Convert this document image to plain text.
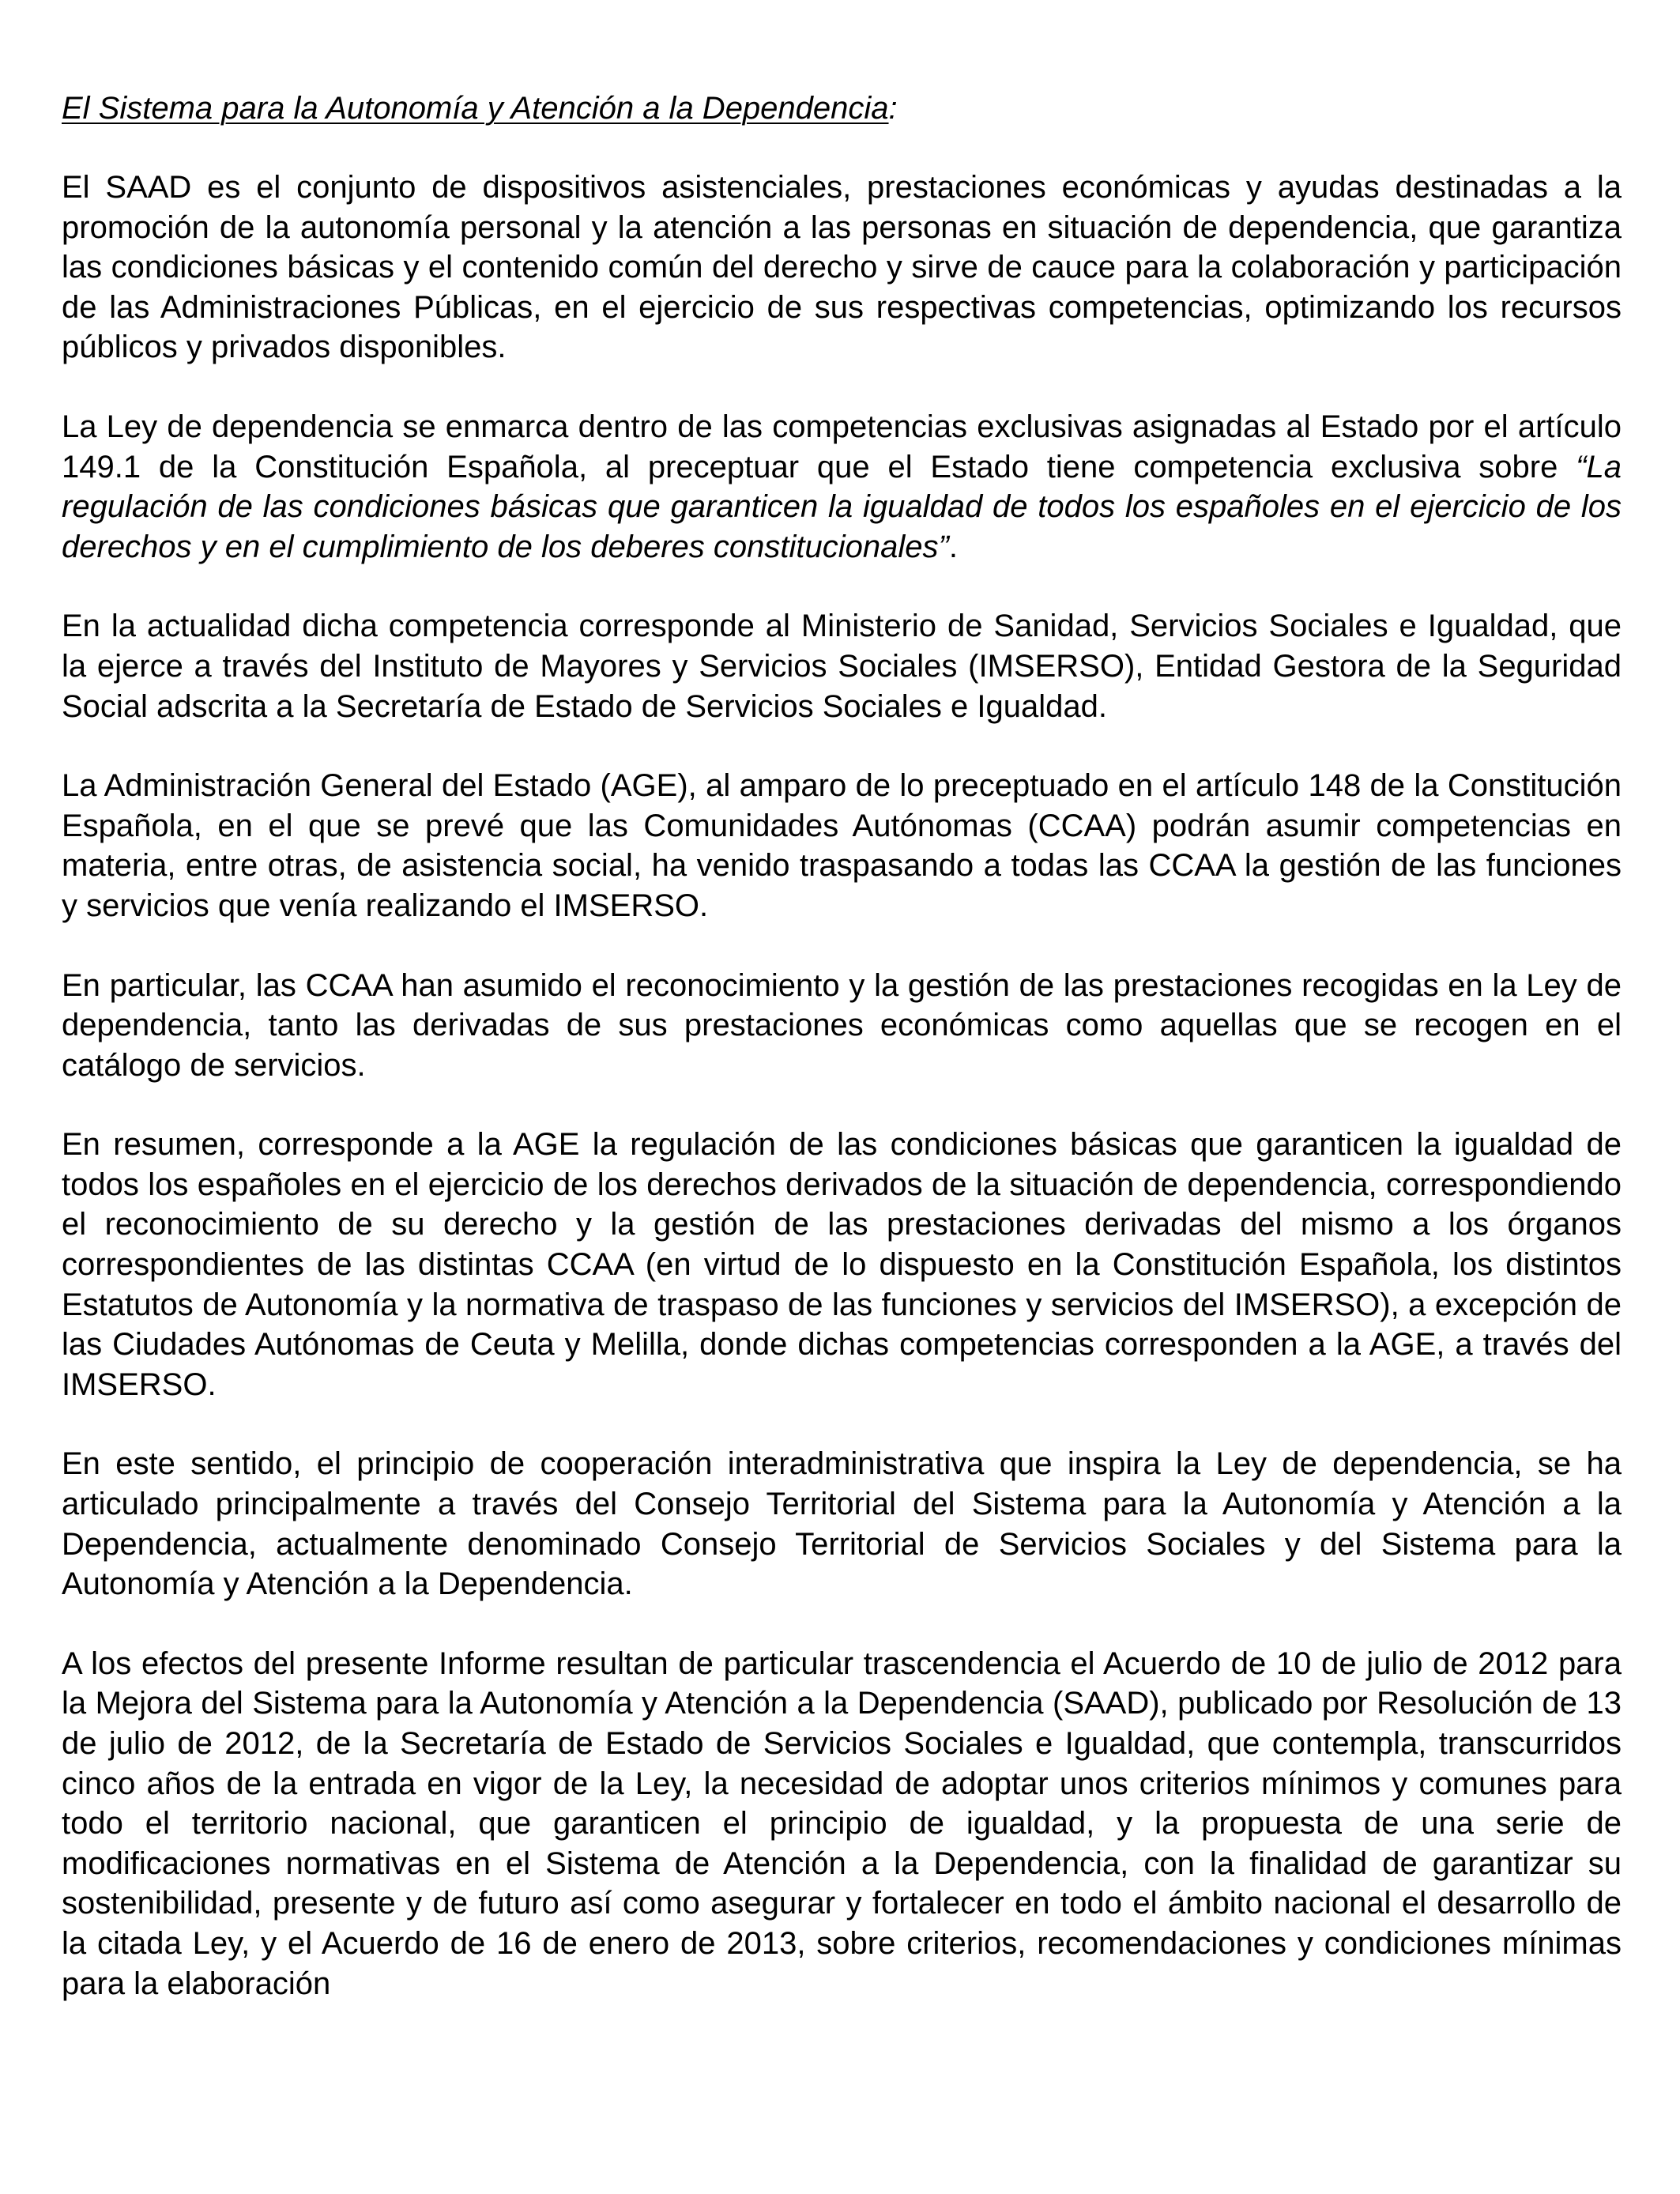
El Sistema para la Autonomía y Atención a la Dependencia:

El SAAD es el conjunto de dispositivos asistenciales, prestaciones económicas y ayudas destinadas a la promoción de la autonomía personal y la atención a las personas en situación de dependencia, que garantiza las condiciones básicas y el contenido común del derecho y sirve de cauce para la colaboración y participación de las Administraciones Públicas, en el ejercicio de sus respectivas competencias, optimizando los recursos públicos y privados disponibles.

La Ley de dependencia se enmarca dentro de las competencias exclusivas asignadas al Estado por el artículo 149.1 de la Constitución Española, al preceptuar que el Estado tiene competencia exclusiva sobre “La regulación de las condiciones básicas que garanticen la igualdad de todos los españoles en el ejercicio de los derechos y en el cumplimiento de los deberes constitucionales”.

En la actualidad dicha competencia corresponde al Ministerio de Sanidad, Servicios Sociales e Igualdad, que la ejerce a través del Instituto de Mayores y Servicios Sociales (IMSERSO), Entidad Gestora de la Seguridad Social adscrita a la Secretaría de Estado de Servicios Sociales e Igualdad.

La Administración General del Estado (AGE), al amparo de lo preceptuado en el artículo 148 de la Constitución Española, en el que se prevé que las Comunidades Autónomas (CCAA) podrán asumir competencias en materia, entre otras, de asistencia social, ha venido traspasando a todas las CCAA la gestión de las funciones y servicios que venía realizando el IMSERSO.

En particular, las CCAA han asumido el reconocimiento y la gestión de las prestaciones recogidas en la Ley de dependencia, tanto las derivadas de sus prestaciones económicas como aquellas que se recogen en el catálogo de servicios.

En resumen, corresponde a la AGE la regulación de las condiciones básicas que garanticen la igualdad de todos los españoles en el ejercicio de los derechos derivados de la situación de dependencia, correspondiendo el reconocimiento de su derecho y la gestión de las prestaciones derivadas del mismo a los órganos correspondientes de las distintas CCAA (en virtud de lo dispuesto en la Constitución Española, los distintos Estatutos de Autonomía y la normativa de traspaso de las funciones y servicios del IMSERSO), a excepción de las Ciudades Autónomas de Ceuta y Melilla, donde dichas competencias corresponden a la AGE, a través del IMSERSO.

En este sentido, el principio de cooperación interadministrativa que inspira la Ley de dependencia, se ha articulado principalmente a través del Consejo Territorial del Sistema para la Autonomía y Atención a la Dependencia, actualmente denominado Consejo Territorial de Servicios Sociales y del Sistema para la Autonomía y Atención a la Dependencia.

A los efectos del presente Informe resultan de particular trascendencia el Acuerdo de 10 de julio de 2012 para la Mejora del Sistema para la Autonomía y Atención a la Dependencia (SAAD), publicado por Resolución de 13 de julio de 2012, de la Secretaría de Estado de Servicios Sociales e Igualdad, que contempla, transcurridos cinco años de la entrada en vigor de la Ley, la necesidad de adoptar unos criterios mínimos y comunes para todo el territorio nacional, que garanticen el principio de igualdad, y la propuesta de una serie de modificaciones normativas en el Sistema de Atención a la Dependencia, con la finalidad de garantizar su sostenibilidad, presente y de futuro así como asegurar y fortalecer en todo el ámbito nacional el desarrollo de la citada Ley, y el Acuerdo de 16 de enero de 2013, sobre criterios, recomendaciones y condiciones mínimas para la elaboración
